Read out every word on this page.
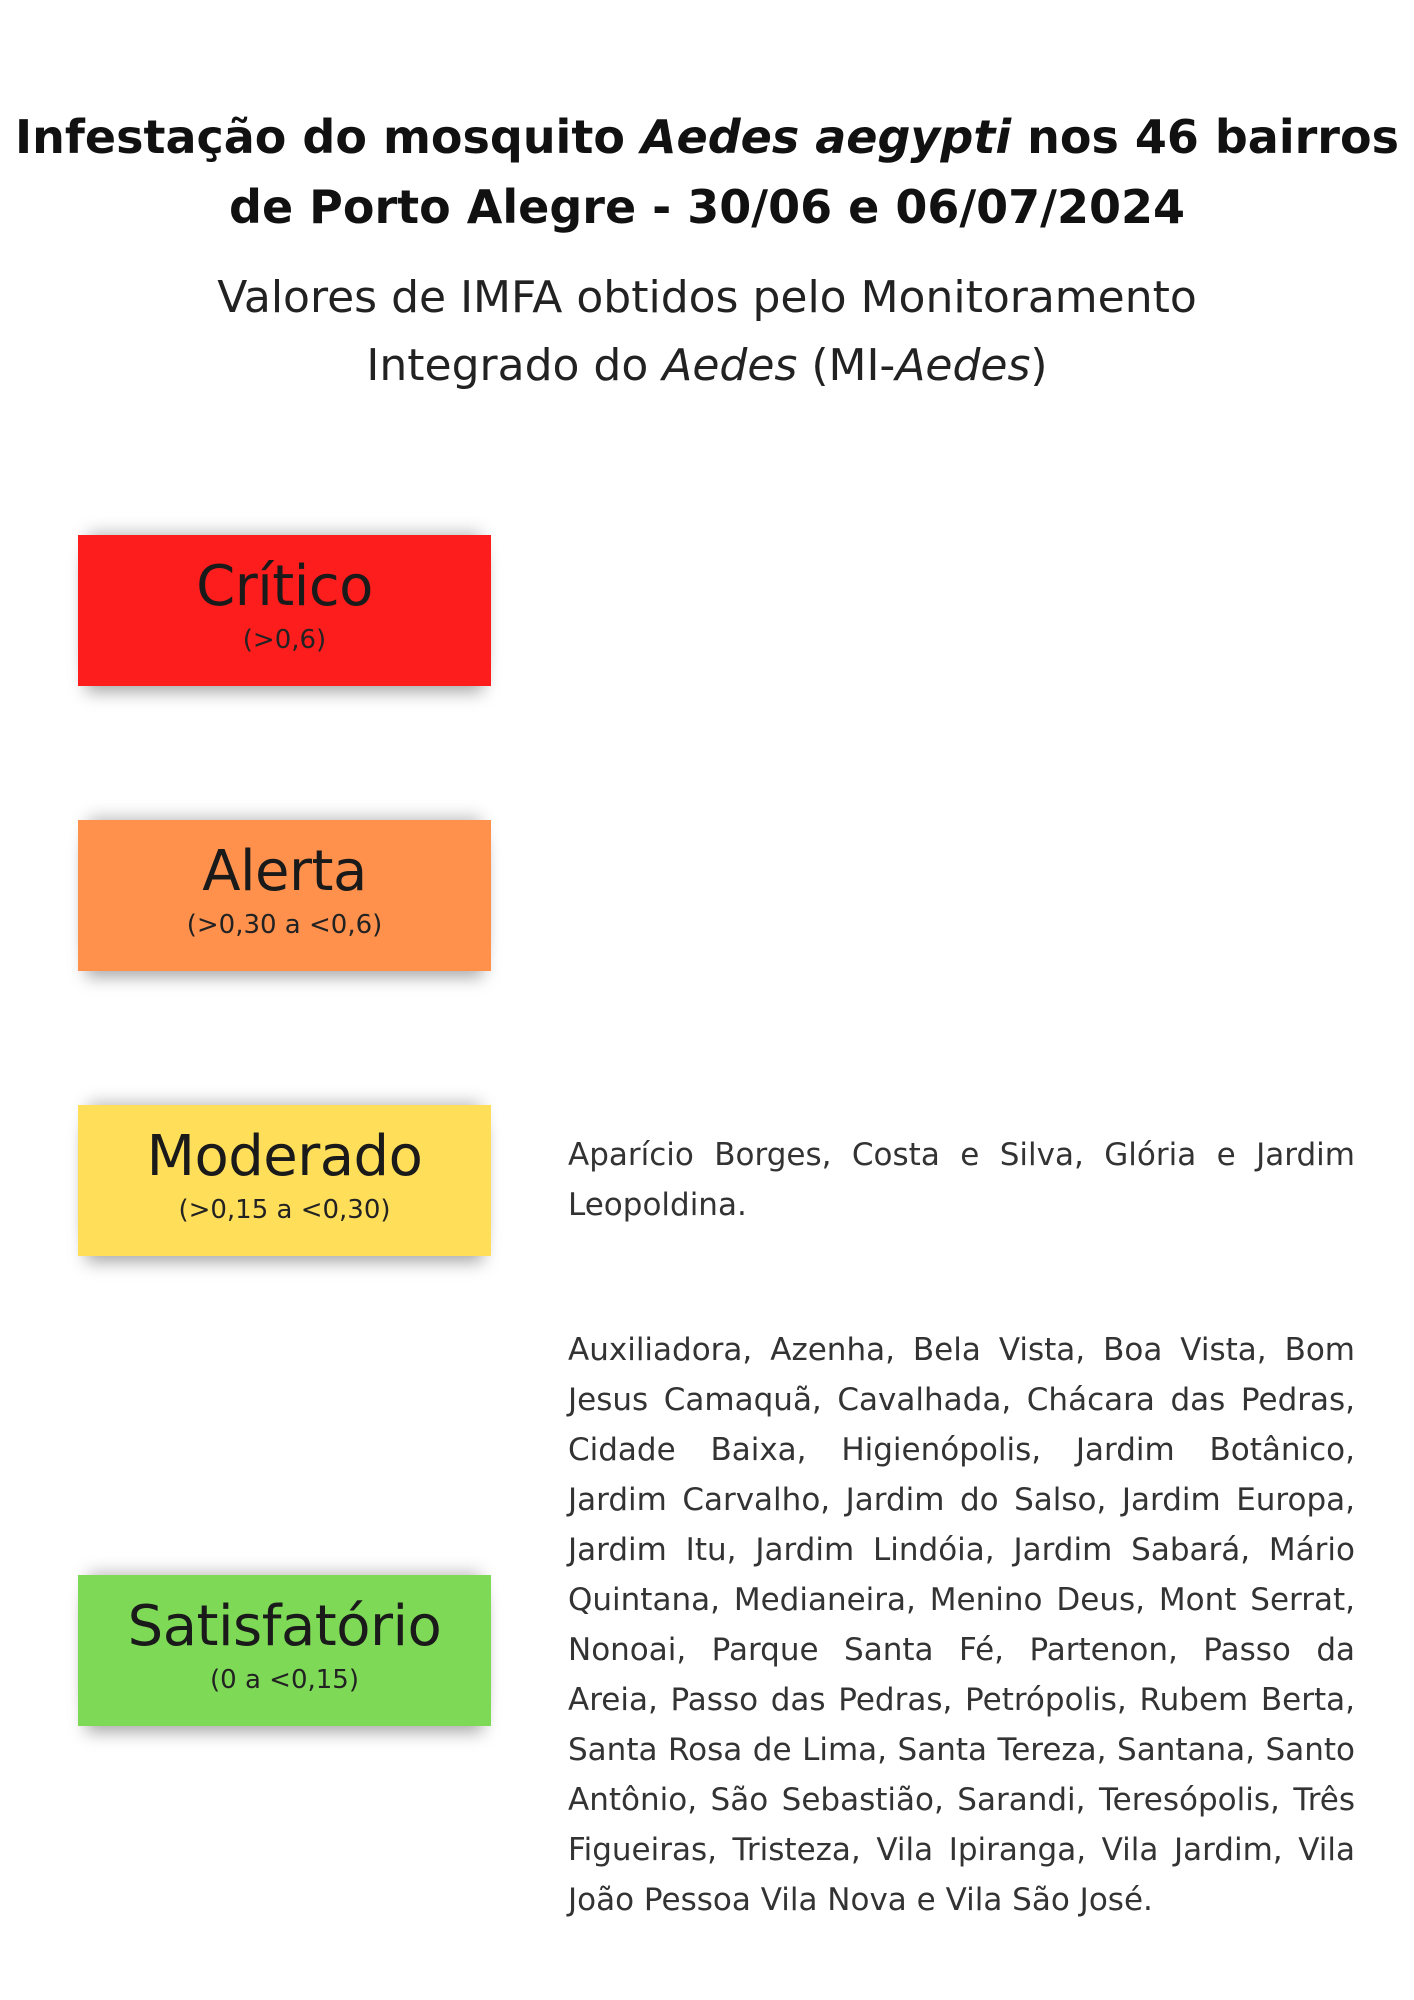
Infestação do mosquito Aedes aegypti nos 46 bairros
de Porto Alegre - 30/06 e 06/07/2024
Valores de IMFA obtidos pelo Monitoramento
Integrado do Aedes (MI-Aedes)
Crítico
(>0,6)
Alerta
(>0,30 a <0,6)
Moderado
(>0,15 a <0,30)
Aparício Borges, Costa e Silva, Glória e Jardim Leopoldina.
Satisfatório
(0 a <0,15)
Auxiliadora, Azenha, Bela Vista, Boa Vista, Bom Jesus Camaquã, Cavalhada, Chácara das Pedras, Cidade Baixa, Higienópolis, Jardim Botânico, Jardim Carvalho, Jardim do Salso, Jardim Europa, Jardim Itu, Jardim Lindóia, Jardim Sabará, Mário Quintana, Medianeira, Menino Deus, Mont Serrat, Nonoai, Parque Santa Fé, Partenon, Passo da Areia, Passo das Pedras, Petrópolis, Rubem Berta, Santa Rosa de Lima, Santa Tereza, Santana, Santo Antônio, São Sebastião, Sarandi, Teresópolis, Três Figueiras, Tristeza, Vila Ipiranga, Vila Jardim, Vila João Pessoa Vila Nova e Vila São José.
